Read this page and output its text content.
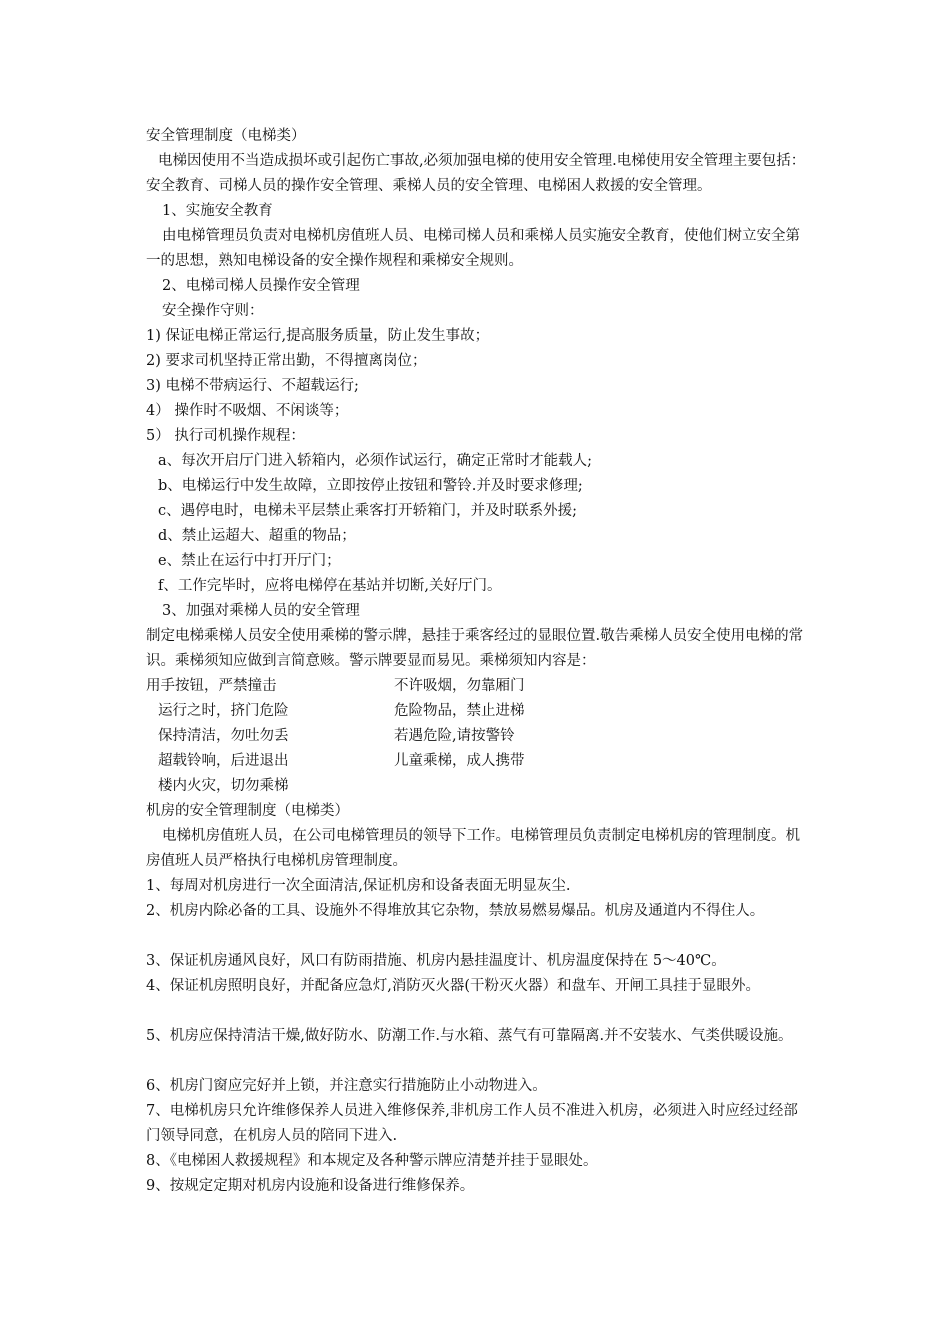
安全管理制度（电梯类）
电梯因使用不当造成损坏或引起伤亡事故,必须加强电梯的使用安全管理.电梯使用安全管理主要包括：安全教育、司梯人员的操作安全管理、乘梯人员的安全管理、电梯困人救援的安全管理。
1、实施安全教育
由电梯管理员负责对电梯机房值班人员、电梯司梯人员和乘梯人员实施安全教育，使他们树立安全第一的思想，熟知电梯设备的安全操作规程和乘梯安全规则。
2、电梯司梯人员操作安全管理
安全操作守则：
1) 保证电梯正常运行,提高服务质量，防止发生事故；
2) 要求司机坚持正常出勤，不得擅离岗位；
3) 电梯不带病运行、不超载运行;
4） 操作时不吸烟、不闲谈等；
5） 执行司机操作规程：
a、每次开启厅门进入轿箱内，必须作试运行，确定正常时才能载人;
b、电梯运行中发生故障，立即按停止按钮和警铃.并及时要求修理;
c、遇停电时，电梯未平层禁止乘客打开轿箱门，并及时联系外援;
d、禁止运超大、超重的物品；
e、禁止在运行中打开厅门；
f、工作完毕时，应将电梯停在基站并切断,关好厅门。
3、加强对乘梯人员的安全管理
制定电梯乘梯人员安全使用乘梯的警示牌，悬挂于乘客经过的显眼位置.敬告乘梯人员安全使用电梯的常识。乘梯须知应做到言简意赅。警示牌要显而易见。乘梯须知内容是：
用手按钮，严禁撞击	不许吸烟，勿靠厢门
运行之时，挤门危险	危险物品，禁止进梯
保持清洁，勿吐勿丢	若遇危险,请按警铃
超载铃响，后进退出	儿童乘梯，成人携带
楼内火灾，切勿乘梯
机房的安全管理制度（电梯类）
电梯机房值班人员，在公司电梯管理员的领导下工作。电梯管理员负责制定电梯机房的管理制度。机房值班人员严格执行电梯机房管理制度。
1、每周对机房进行一次全面清洁,保证机房和设备表面无明显灰尘.
2、机房内除必备的工具、设施外不得堆放其它杂物，禁放易燃易爆品。机房及通道内不得住人。
3、保证机房通风良好，风口有防雨措施、机房内悬挂温度计、机房温度保持在 5～40℃。
4、保证机房照明良好，并配备应急灯,消防灭火器(干粉灭火器）和盘车、开闸工具挂于显眼外。
5、机房应保持清洁干燥,做好防水、防潮工作.与水箱、蒸气有可靠隔离.并不安装水、气类供暖设施。
6、机房门窗应完好并上锁，并注意实行措施防止小动物进入。
7、电梯机房只允许维修保养人员进入维修保养,非机房工作人员不准进入机房，必须进入时应经过经部门领导同意，在机房人员的陪同下进入.
8、《电梯困人救援规程》和本规定及各种警示牌应清楚并挂于显眼处。
9、按规定定期对机房内设施和设备进行维修保养。
